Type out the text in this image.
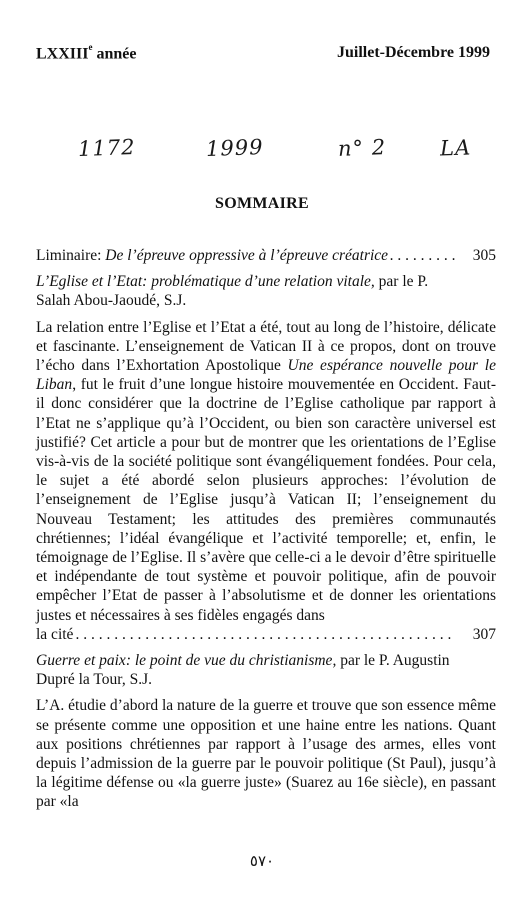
LXXIIIe année	Juillet-Décembre 1999
1172	1999	n° 2	LA
SOMMAIRE
Liminaire: De l’épreuve oppressive à l’épreuve créatrice . . .	305
L’Eglise et l’Etat: problématique d’une relation vitale, par le P. Salah Abou-Jaoudé, S.J.

La relation entre l’Eglise et l’Etat a été, tout au long de l’histoire, délicate et fascinante. L’enseignement de Vatican II à ce propos, dont on trouve l’écho dans l’Exhortation Apostolique Une espérance nouvelle pour le Liban, fut le fruit d’une longue histoire mouvementée en Occident. Faut-il donc considérer que la doctrine de l’Eglise catholique par rapport à l’Etat ne s’applique qu’à l’Occident, ou bien son caractère universel est justifié? Cet article a pour but de montrer que les orientations de l’Eglise vis-à-vis de la société politique sont évangéliquement fondées. Pour cela, le sujet a été abordé selon plusieurs approches: l’évolution de l’enseignement de l’Eglise jusqu’à Vatican II; l’enseignement du Nouveau Testament; les attitudes des premières communautés chrétiennes; l’idéal évangélique et l’activité temporelle; et, enfin, le témoignage de l’Eglise. Il s’avère que celle-ci a le devoir d’être spirituelle et indépendante de tout système et pouvoir politique, afin de pouvoir empêcher l’Etat de passer à l’absolutisme et de donner les orientations justes et nécessaires à ses fidèles engagés dans

la cité . . .	307
Guerre et paix: le point de vue du christianisme, par le P. Augustin Dupré la Tour, S.J.

L’A. étudie d’abord la nature de la guerre et trouve que son essence même se présente comme une opposition et une haine entre les nations. Quant aux positions chrétiennes par rapport à l’usage des armes, elles vont depuis l’admission de la guerre par le pouvoir politique (St Paul), jusqu’à la légitime défense ou «la guerre juste» (Suarez au 16e siècle), en passant par «la

٥٧٠
